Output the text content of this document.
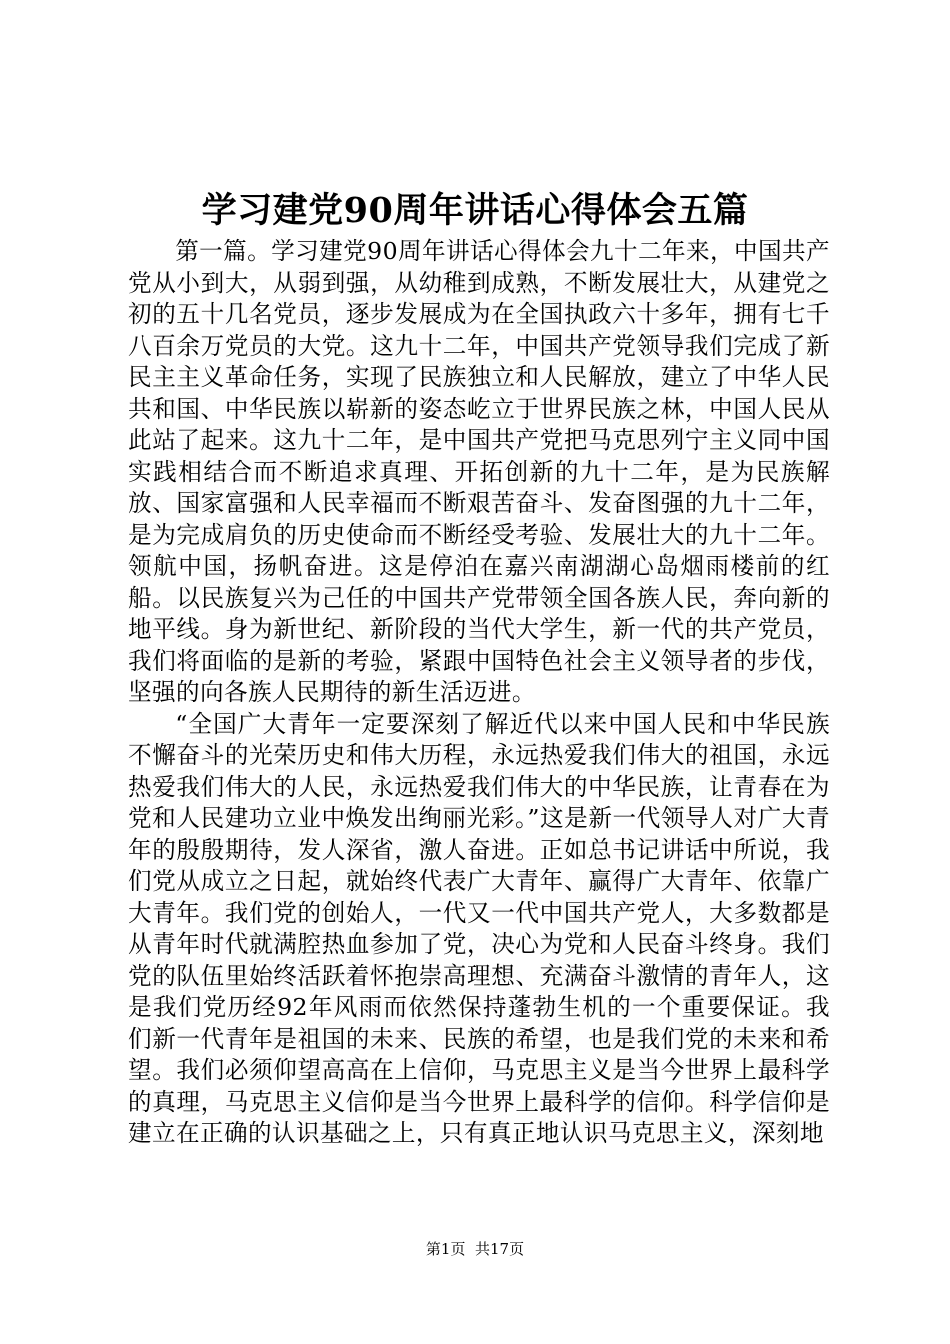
学习建党90周年讲话心得体会五篇

第一篇。学习建党90周年讲话心得体会九十二年来，中国共产党从小到大，从弱到强，从幼稚到成熟，不断发展壮大，从建党之初的五十几名党员，逐步发展成为在全国执政六十多年，拥有七千八百余万党员的大党。这九十二年，中国共产党领导我们完成了新民主主义革命任务，实现了民族独立和人民解放，建立了中华人民共和国、中华民族以崭新的姿态屹立于世界民族之林，中国人民从此站了起来。这九十二年，是中国共产党把马克思列宁主义同中国实践相结合而不断追求真理、开拓创新的九十二年，是为民族解放、国家富强和人民幸福而不断艰苦奋斗、发奋图强的九十二年，是为完成肩负的历史使命而不断经受考验、发展壮大的九十二年。领航中国，扬帆奋进。这是停泊在嘉兴南湖湖心岛烟雨楼前的红船。以民族复兴为己任的中国共产党带领全国各族人民，奔向新的地平线。身为新世纪、新阶段的当代大学生，新一代的共产党员，我们将面临的是新的考验，紧跟中国特色社会主义领导者的步伐，坚强的向各族人民期待的新生活迈进。

“全国广大青年一定要深刻了解近代以来中国人民和中华民族不懈奋斗的光荣历史和伟大历程，永远热爱我们伟大的祖国，永远热爱我们伟大的人民，永远热爱我们伟大的中华民族，让青春在为党和人民建功立业中焕发出绚丽光彩。”这是新一代领导人对广大青年的殷殷期待，发人深省，激人奋进。正如总书记讲话中所说，我们党从成立之日起，就始终代表广大青年、赢得广大青年、依靠广大青年。我们党的创始人，一代又一代中国共产党人，大多数都是从青年时代就满腔热血参加了党，决心为党和人民奋斗终身。我们党的队伍里始终活跃着怀抱崇高理想、充满奋斗激情的青年人，这是我们党历经92年风雨而依然保持蓬勃生机的一个重要保证。我们新一代青年是祖国的未来、民族的希望，也是我们党的未来和希望。我们必须仰望高高在上信仰，马克思主义是当今世界上最科学的真理，马克思主义信仰是当今世界上最科学的信仰。科学信仰是建立在正确的认识基础之上，只有真正地认识马克思主义，深刻地

第1页 共17页
